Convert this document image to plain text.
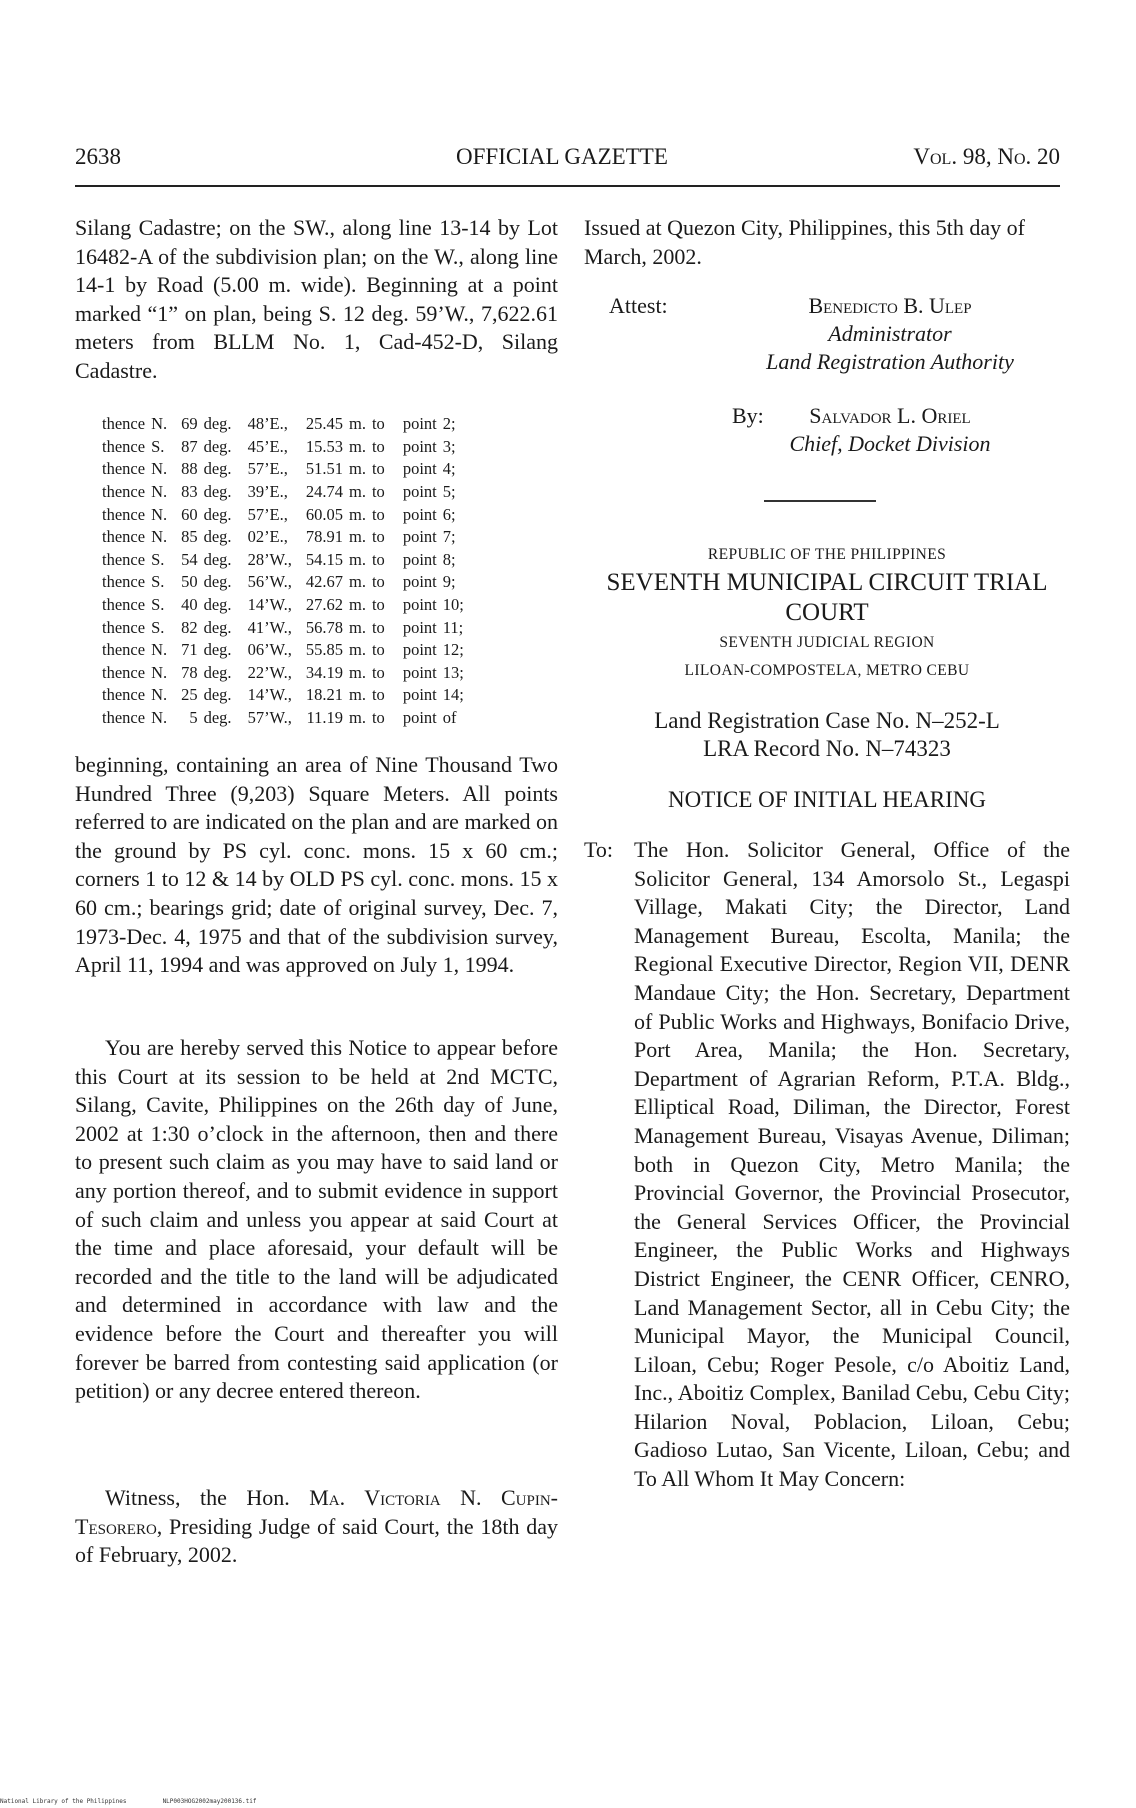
2638	OFFICIAL GAZETTE	Vol. 98, No. 20
Silang Cadastre; on the SW., along line 13-14 by Lot 16482-A of the subdivision plan; on the W., along line 14-1 by Road (5.00 m. wide). Beginning at a point marked “1” on plan, being S. 12 deg. 59’W., 7,622.61 meters from BLLM No. 1, Cad-452-D, Silang Cadastre.
thence	N.	69	deg.	48’E.,	25.45	m.	to	point	2;
thence	S.	87	deg.	45’E.,	15.53	m.	to	point	3;
thence	N.	88	deg.	57’E.,	51.51	m.	to	point	4;
thence	N.	83	deg.	39’E.,	24.74	m.	to	point	5;
thence	N.	60	deg.	57’E.,	60.05	m.	to	point	6;
thence	N.	85	deg.	02’E.,	78.91	m.	to	point	7;
thence	S.	54	deg.	28’W.,	54.15	m.	to	point	8;
thence	S.	50	deg.	56’W.,	42.67	m.	to	point	9;
thence	S.	40	deg.	14’W.,	27.62	m.	to	point	10;
thence	S.	82	deg.	41’W.,	56.78	m.	to	point	11;
thence	N.	71	deg.	06’W.,	55.85	m.	to	point	12;
thence	N.	78	deg.	22’W.,	34.19	m.	to	point	13;
thence	N.	25	deg.	14’W.,	18.21	m.	to	point	14;
thence	N.	5	deg.	57’W.,	11.19	m.	to	point	of
beginning, containing an area of Nine Thousand Two Hundred Three (9,203) Square Meters. All points referred to are indicated on the plan and are marked on the ground by PS cyl. conc. mons. 15 x 60 cm.; corners 1 to 12 & 14 by OLD PS cyl. conc. mons. 15 x 60 cm.; bearings grid; date of original survey, Dec. 7, 1973-Dec. 4, 1975 and that of the subdivision survey, April 11, 1994 and was approved on July 1, 1994.
You are hereby served this Notice to appear before this Court at its session to be held at 2nd MCTC, Silang, Cavite, Philippines on the 26th day of June, 2002 at 1:30 o’clock in the afternoon, then and there to present such claim as you may have to said land or any portion thereof, and to submit evidence in support of such claim and unless you appear at said Court at the time and place aforesaid, your default will be recorded and the title to the land will be adjudicated and determined in accordance with law and the evidence before the Court and thereafter you will forever be barred from contesting said application (or petition) or any decree entered thereon.
Witness, the Hon. Ma. Victoria N. Cupin-Tesorero, Presiding Judge of said Court, the 18th day of February, 2002.
Issued at Quezon City, Philippines, this 5th day of March, 2002.
Attest:	Benedicto B. Ulep
Administrator
Land Registration Authority
By:	Salvador L. Oriel
Chief, Docket Division
REPUBLIC OF THE PHILIPPINES
SEVENTH MUNICIPAL CIRCUIT TRIAL COURT
SEVENTH JUDICIAL REGION
LILOAN-COMPOSTELA, METRO CEBU
Land Registration Case No. N–252-L
LRA Record No. N–74323
NOTICE OF INITIAL HEARING
To: The Hon. Solicitor General, Office of the Solicitor General, 134 Amorsolo St., Legaspi Village, Makati City; the Director, Land Management Bureau, Escolta, Manila; the Regional Executive Director, Region VII, DENR Mandaue City; the Hon. Secretary, Department of Public Works and Highways, Bonifacio Drive, Port Area, Manila; the Hon. Secretary, Department of Agrarian Reform, P.T.A. Bldg., Elliptical Road, Diliman, the Director, Forest Management Bureau, Visayas Avenue, Diliman; both in Quezon City, Metro Manila; the Provincial Governor, the Provincial Prosecutor, the General Services Officer, the Provincial Engineer, the Public Works and Highways District Engineer, the CENR Officer, CENRO, Land Management Sector, all in Cebu City; the Municipal Mayor, the Municipal Council, Liloan, Cebu; Roger Pesole, c/o Aboitiz Land, Inc., Aboitiz Complex, Banilad Cebu, Cebu City; Hilarion Noval, Poblacion, Liloan, Cebu; Gadioso Lutao, San Vicente, Liloan, Cebu; and To All Whom It May Concern:
National Library of the Philippines	NLP003HOG2002may200136.tif
